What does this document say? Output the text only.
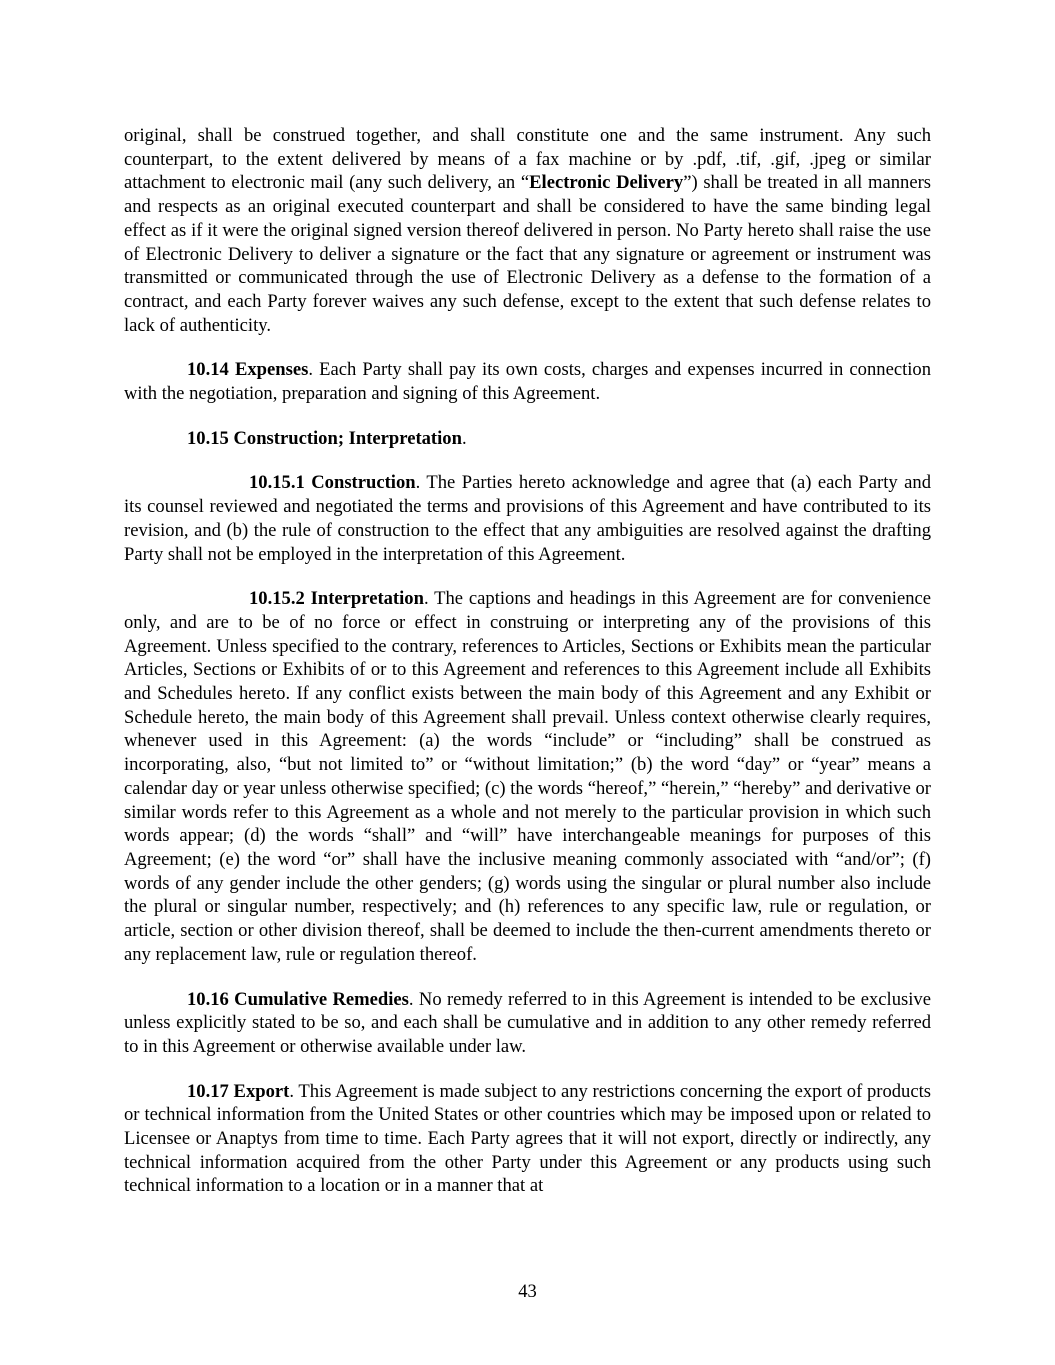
original, shall be construed together, and shall constitute one and the same instrument. Any such counterpart, to the extent delivered by means of a fax machine or by .pdf, .tif, .gif, .jpeg or similar attachment to electronic mail (any such delivery, an “Electronic Delivery”) shall be treated in all manners and respects as an original executed counterpart and shall be considered to have the same binding legal effect as if it were the original signed version thereof delivered in person. No Party hereto shall raise the use of Electronic Delivery to deliver a signature or the fact that any signature or agreement or instrument was transmitted or communicated through the use of Electronic Delivery as a defense to the formation of a contract, and each Party forever waives any such defense, except to the extent that such defense relates to lack of authenticity.

10.14 Expenses. Each Party shall pay its own costs, charges and expenses incurred in connection with the negotiation, preparation and signing of this Agreement.

10.15 Construction; Interpretation.

10.15.1 Construction. The Parties hereto acknowledge and agree that (a) each Party and its counsel reviewed and negotiated the terms and provisions of this Agreement and have contributed to its revision, and (b) the rule of construction to the effect that any ambiguities are resolved against the drafting Party shall not be employed in the interpretation of this Agreement.

10.15.2 Interpretation. The captions and headings in this Agreement are for convenience only, and are to be of no force or effect in construing or interpreting any of the provisions of this Agreement. Unless specified to the contrary, references to Articles, Sections or Exhibits mean the particular Articles, Sections or Exhibits of or to this Agreement and references to this Agreement include all Exhibits and Schedules hereto. If any conflict exists between the main body of this Agreement and any Exhibit or Schedule hereto, the main body of this Agreement shall prevail. Unless context otherwise clearly requires, whenever used in this Agreement: (a) the words “include” or “including” shall be construed as incorporating, also, “but not limited to” or “without limitation;” (b) the word “day” or “year” means a calendar day or year unless otherwise specified; (c) the words “hereof,” “herein,” “hereby” and derivative or similar words refer to this Agreement as a whole and not merely to the particular provision in which such words appear; (d) the words “shall” and “will” have interchangeable meanings for purposes of this Agreement; (e) the word “or” shall have the inclusive meaning commonly associated with “and/or”; (f) words of any gender include the other genders; (g) words using the singular or plural number also include the plural or singular number, respectively; and (h) references to any specific law, rule or regulation, or article, section or other division thereof, shall be deemed to include the then-current amendments thereto or any replacement law, rule or regulation thereof.

10.16 Cumulative Remedies. No remedy referred to in this Agreement is intended to be exclusive unless explicitly stated to be so, and each shall be cumulative and in addition to any other remedy referred to in this Agreement or otherwise available under law.

10.17 Export. This Agreement is made subject to any restrictions concerning the export of products or technical information from the United States or other countries which may be imposed upon or related to Licensee or Anaptys from time to time. Each Party agrees that it will not export, directly or indirectly, any technical information acquired from the other Party under this Agreement or any products using such technical information to a location or in a manner that at

43
